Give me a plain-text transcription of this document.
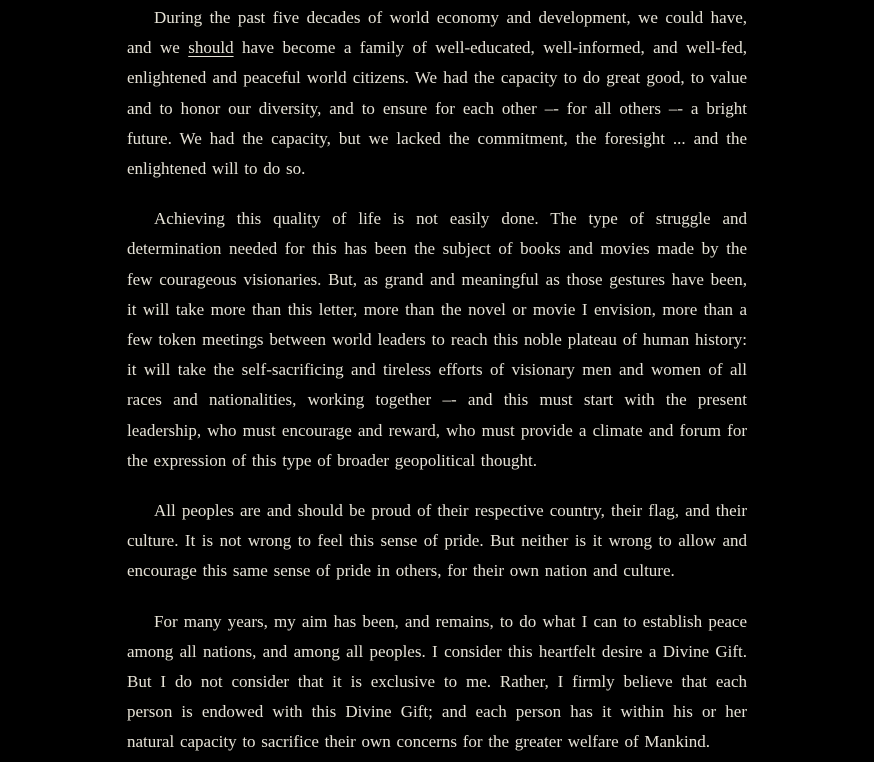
During the past five decades of world economy and development, we could have, and we should have become a family of well-educated, well-informed, and well-fed, enlightened and peaceful world citizens. We had the capacity to do great good, to value and to honor our diversity, and to ensure for each other –- for all others –- a bright future. We had the capacity, but we lacked the commitment, the foresight ... and the enlightened will to do so.

Achieving this quality of life is not easily done. The type of struggle and determination needed for this has been the subject of books and movies made by the few courageous visionaries. But, as grand and meaningful as those gestures have been, it will take more than this letter, more than the novel or movie I envision, more than a few token meetings between world leaders to reach this noble plateau of human history: it will take the self-sacrificing and tireless efforts of visionary men and women of all races and nationalities, working together –- and this must start with the present leadership, who must encourage and reward, who must provide a climate and forum for the expression of this type of broader geopolitical thought.

All peoples are and should be proud of their respective country, their flag, and their culture. It is not wrong to feel this sense of pride. But neither is it wrong to allow and encourage this same sense of pride in others, for their own nation and culture.

For many years, my aim has been, and remains, to do what I can to establish peace among all nations, and among all peoples. I consider this heartfelt desire a Divine Gift. But I do not consider that it is exclusive to me. Rather, I firmly believe that each person is endowed with this Divine Gift; and each person has it within his or her natural capacity to sacrifice their own concerns for the greater welfare of Mankind.
